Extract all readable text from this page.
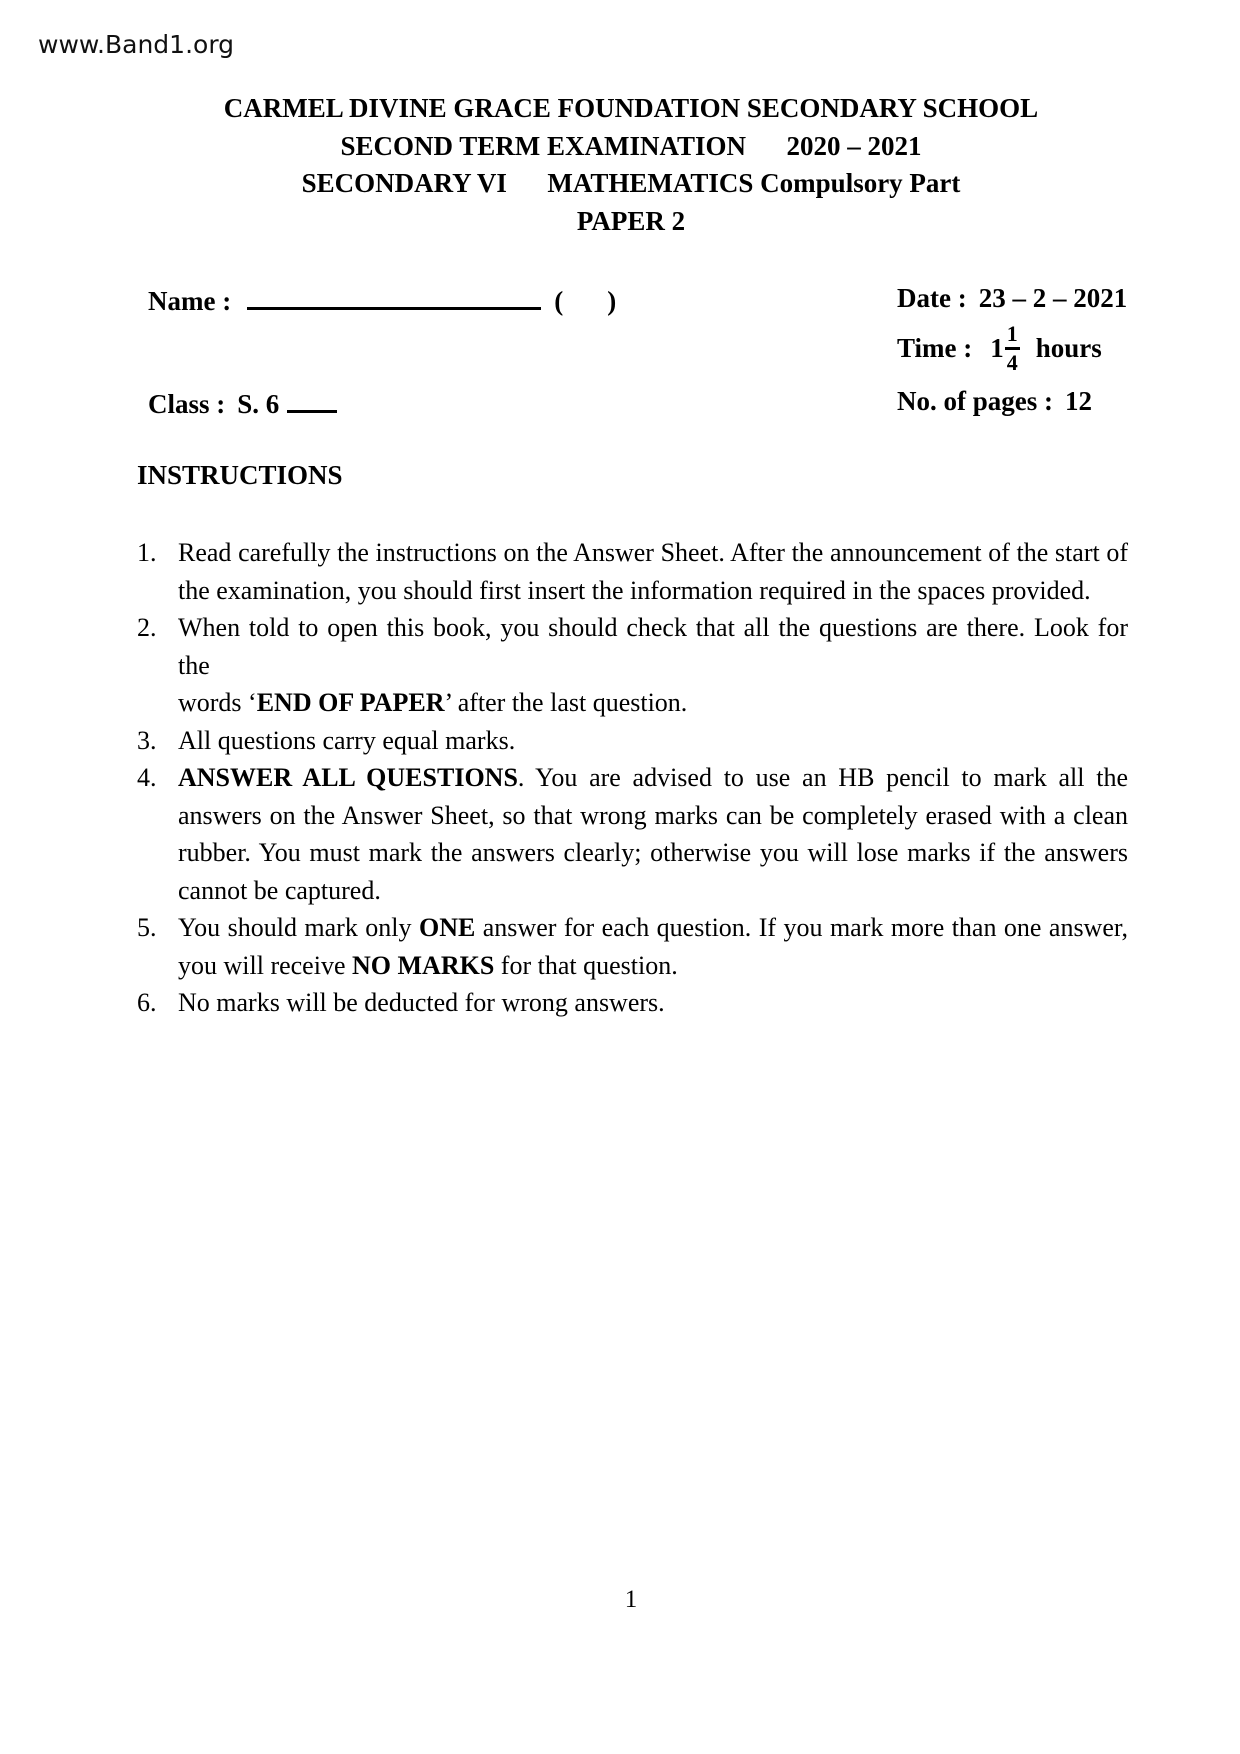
www.Band1.org
CARMEL DIVINE GRACE FOUNDATION SECONDARY SCHOOL
SECOND TERM EXAMINATION   2020 – 2021
SECONDARY VI   MATHEMATICS Compulsory Part
PAPER 2
Name :	( )
Class : S. 6
Date : 23 – 2 – 2021
Time : $1 \frac{1}{4}$ hours
No. of pages : 12
INSTRUCTIONS
1. Read carefully the instructions on the Answer Sheet. After the announcement of the start of
the examination, you should first insert the information required in the spaces provided.
2. When told to open this book, you should check that all the questions are there. Look for the
words ‘END OF PAPER’ after the last question.
3. All questions carry equal marks.
4. ANSWER ALL QUESTIONS. You are advised to use an HB pencil to mark all the
answers on the Answer Sheet, so that wrong marks can be completely erased with a clean
rubber. You must mark the answers clearly; otherwise you will lose marks if the answers
cannot be captured.
5. You should mark only ONE answer for each question. If you mark more than one answer,
you will receive NO MARKS for that question.
6. No marks will be deducted for wrong answers.
1
